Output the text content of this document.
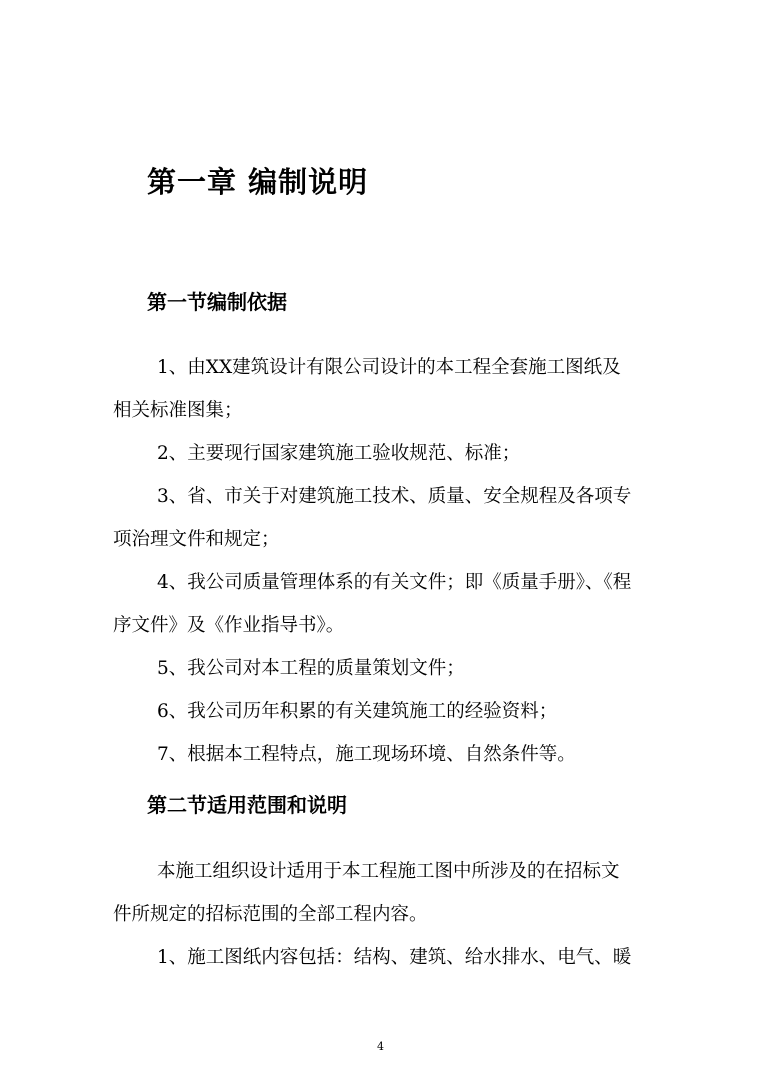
第一章 编制说明
第一节编制依据
1、由XX建筑设计有限公司设计的本工程全套施工图纸及
相关标准图集；
2、主要现行国家建筑施工验收规范、标准；
3、省、市关于对建筑施工技术、质量、安全规程及各项专
项治理文件和规定；
4、我公司质量管理体系的有关文件；即《质量手册》、《程
序文件》及《作业指导书》。
5、我公司对本工程的质量策划文件；
6、我公司历年积累的有关建筑施工的经验资料；
7、根据本工程特点，施工现场环境、自然条件等。
第二节适用范围和说明
本施工组织设计适用于本工程施工图中所涉及的在招标文
件所规定的招标范围的全部工程内容。
1、施工图纸内容包括：结构、建筑、给水排水、电气、暖
4
